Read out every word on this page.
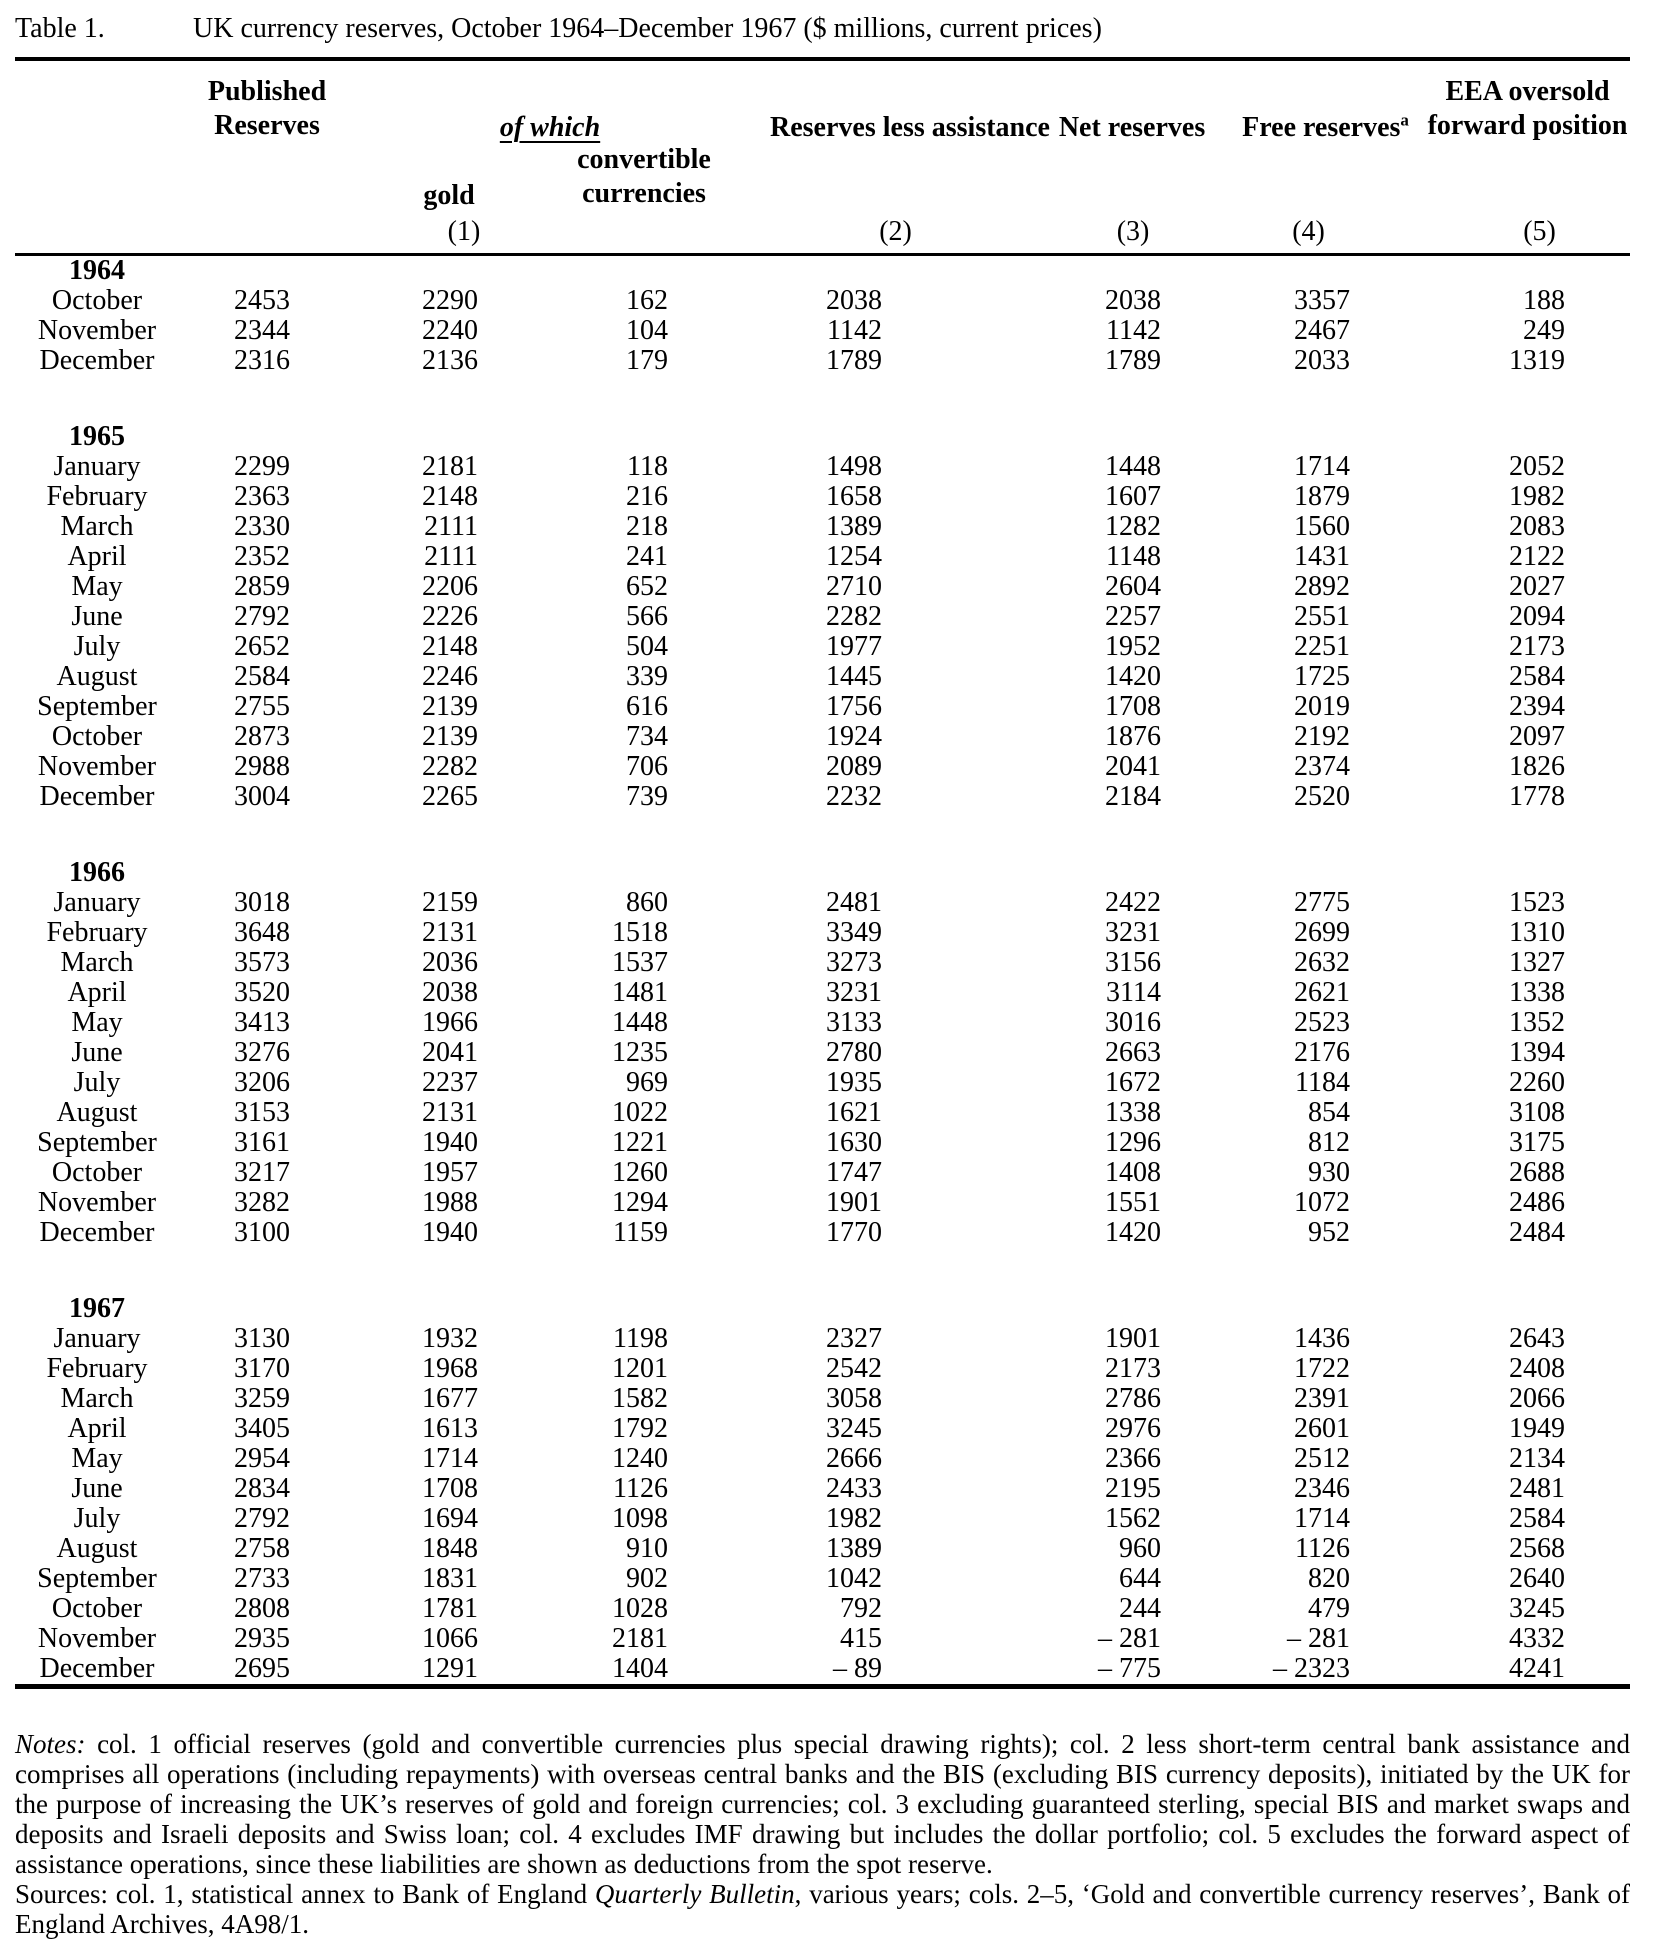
Table 1.	UK currency reserves, October 1964–December 1967 ($ millions, current prices)

	Published
Reserves	of which		Reserves less assistance	Net reserves	Free reserves$^a$	EEA oversold
forward position

		gold	convertible
currencies				

		(1)		(2)	(3)	(4)	(5)
1964							
October	2453	2290	162	2038	2038	3357	188
November	2344	2240	104	1142	1142	2467	249
December	2316	2136	179	1789	1789	2033	1319

1965							
January	2299	2181	118	1498	1448	1714	2052
February	2363	2148	216	1658	1607	1879	1982
March	2330	2111	218	1389	1282	1560	2083
April	2352	2111	241	1254	1148	1431	2122
May	2859	2206	652	2710	2604	2892	2027
June	2792	2226	566	2282	2257	2551	2094
July	2652	2148	504	1977	1952	2251	2173
August	2584	2246	339	1445	1420	1725	2584
September	2755	2139	616	1756	1708	2019	2394
October	2873	2139	734	1924	1876	2192	2097
November	2988	2282	706	2089	2041	2374	1826
December	3004	2265	739	2232	2184	2520	1778

1966							
January	3018	2159	860	2481	2422	2775	1523
February	3648	2131	1518	3349	3231	2699	1310
March	3573	2036	1537	3273	3156	2632	1327
April	3520	2038	1481	3231	3114	2621	1338
May	3413	1966	1448	3133	3016	2523	1352
June	3276	2041	1235	2780	2663	2176	1394
July	3206	2237	969	1935	1672	1184	2260
August	3153	2131	1022	1621	1338	854	3108
September	3161	1940	1221	1630	1296	812	3175
October	3217	1957	1260	1747	1408	930	2688
November	3282	1988	1294	1901	1551	1072	2486
December	3100	1940	1159	1770	1420	952	2484

1967							
January	3130	1932	1198	2327	1901	1436	2643
February	3170	1968	1201	2542	2173	1722	2408
March	3259	1677	1582	3058	2786	2391	2066
April	3405	1613	1792	3245	2976	2601	1949
May	2954	1714	1240	2666	2366	2512	2134
June	2834	1708	1126	2433	2195	2346	2481
July	2792	1694	1098	1982	1562	1714	2584
August	2758	1848	910	1389	960	1126	2568
September	2733	1831	902	1042	644	820	2640
October	2808	1781	1028	792	244	479	3245
November	2935	1066	2181	415	– 281	– 281	4332
December	2695	1291	1404	– 89	– 775	– 2323	4241

Notes: col. 1 official reserves (gold and convertible currencies plus special drawing rights); col. 2 less short-term central bank assistance and comprises all operations (including repayments) with overseas central banks and the BIS (excluding BIS currency deposits), initiated by the UK for the purpose of increasing the UK’s reserves of gold and foreign currencies; col. 3 excluding guaranteed sterling, special BIS and market swaps and deposits and Israeli deposits and Swiss loan; col. 4 excludes IMF drawing but includes the dollar portfolio; col. 5 excludes the forward aspect of assistance operations, since these liabilities are shown as deductions from the spot reserve.

Sources: col. 1, statistical annex to Bank of England Quarterly Bulletin, various years; cols. 2–5, ‘Gold and convertible currency reserves’, Bank of England Archives, 4A98/1.
